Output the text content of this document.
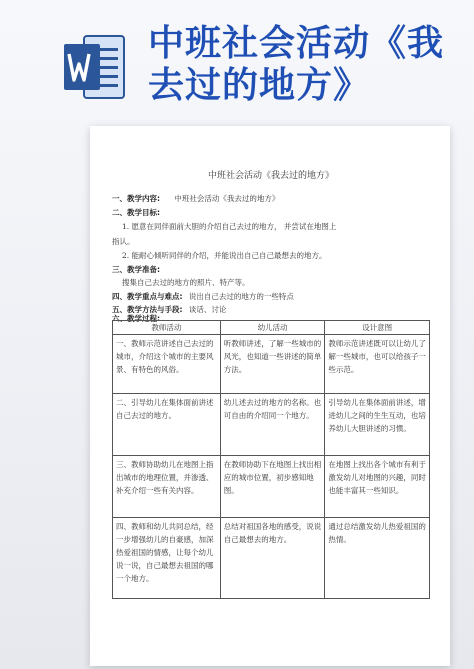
中班社会活动《我
去过的地方》
中班社会活动《我去过的地方》
一、教学内容: 中班社会活动《我去过的地方》
二、教学目标:
1. 愿意在同伴面前大胆的介绍自己去过的地方， 并尝试在地图上
指认。
2. 能耐心倾听同伴的介绍，并能说出自己自己最想去的地方。
三、教学准备:
搜集自己去过的地方的照片、特产等。
四、教学重点与难点: 说出自己去过的地方的一些特点
五、教学方法与手段: 谈话、讨论
六、教学过程:
教师活动	幼儿活动	设计意图
一、教师示范讲述自己去过的城市，介绍这个城市的主要风景、有特色的风俗。	听教师讲述，了解一些城市的风光，也知道一些讲述的简单方法。	教师示范讲述既可以让幼儿了解一些城市，也可以给孩子一些示范。
二、引导幼儿在集体面前讲述自己去过的地方。	幼儿述去过的地方的名称。也可自由的介绍同一个地方。	引导幼儿在集体面前讲述，增进幼儿之间的生生互动，也培养幼儿大胆讲述的习惯。
三、教师协助幼儿在地图上指出城市的地理位置，并渗透、补充介绍一些有关内容。	在教师协助下在地图上找出相应的城市位置，初步感知地图。	在地图上找出各个城市有利于激发幼儿对地图的兴趣，同时也能丰富其一些知识。
四、教师和幼儿共同总结，经一步增强幼儿的自豪感，加深热爱祖国的情感，让每个幼儿说一说，自己最想去祖国的哪一个地方。	总结对祖国各地的感受，说说自己最想去的地方。	通过总结激发幼儿热爱祖国的热情。
